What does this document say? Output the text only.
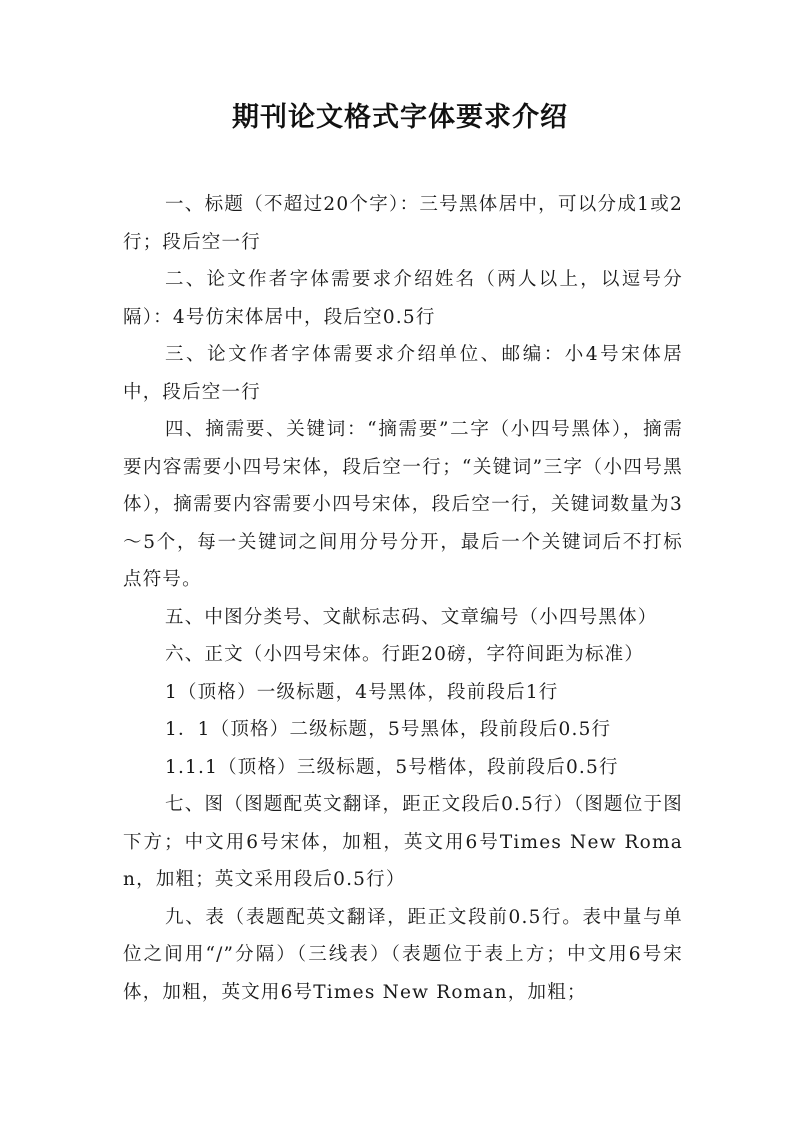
期刊论文格式字体要求介绍

一、标题（不超过20个字）：三号黑体居中，可以分成1或2行；段后空一行

二、论文作者字体需要求介绍姓名（两人以上，以逗号分隔）：4号仿宋体居中，段后空0.5行

三、论文作者字体需要求介绍单位、邮编：小4号宋体居中，段后空一行

四、摘需要、关键词：“摘需要”二字（小四号黑体），摘需要内容需要小四号宋体，段后空一行；“关键词”三字（小四号黑体），摘需要内容需要小四号宋体，段后空一行，关键词数量为3～5个，每一关键词之间用分号分开，最后一个关键词后不打标点符号。

五、中图分类号、文献标志码、文章编号（小四号黑体）

六、正文（小四号宋体。行距20磅，字符间距为标准）

1（顶格）一级标题，4号黑体，段前段后1行

1．1（顶格）二级标题，5号黑体，段前段后0.5行

1.1.1（顶格）三级标题，5号楷体，段前段后0.5行

七、图（图题配英文翻译，距正文段后0.5行）（图题位于图下方；中文用6号宋体，加粗，英文用6号Times New Roman，加粗；英文采用段后0.5行）

九、表（表题配英文翻译，距正文段前0.5行。表中量与单位之间用“/”分隔）（三线表）（表题位于表上方；中文用6号宋体，加粗，英文用6号Times New Roman，加粗；
